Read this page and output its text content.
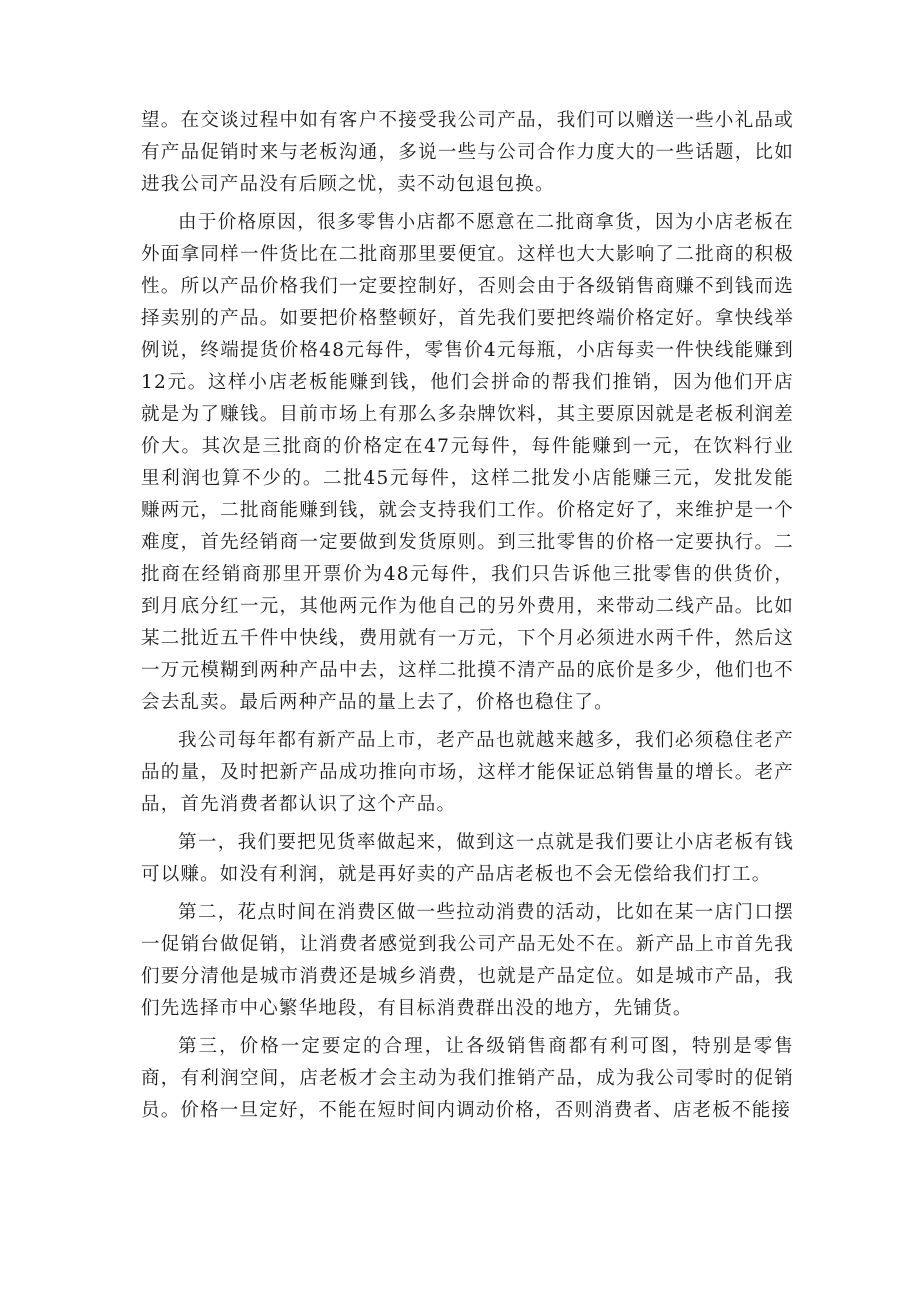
望。在交谈过程中如有客户不接受我公司产品，我们可以赠送一些小礼品或有产品促销时来与老板沟通，多说一些与公司合作力度大的一些话题，比如进我公司产品没有后顾之忧，卖不动包退包换。

由于价格原因，很多零售小店都不愿意在二批商拿货，因为小店老板在外面拿同样一件货比在二批商那里要便宜。这样也大大影响了二批商的积极性。所以产品价格我们一定要控制好，否则会由于各级销售商赚不到钱而选择卖别的产品。如要把价格整顿好，首先我们要把终端价格定好。拿快线举例说，终端提货价格48元每件，零售价4元每瓶，小店每卖一件快线能赚到12元。这样小店老板能赚到钱，他们会拼命的帮我们推销，因为他们开店就是为了赚钱。目前市场上有那么多杂牌饮料，其主要原因就是老板利润差价大。其次是三批商的价格定在47元每件，每件能赚到一元，在饮料行业里利润也算不少的。二批45元每件，这样二批发小店能赚三元，发批发能赚两元，二批商能赚到钱，就会支持我们工作。价格定好了，来维护是一个难度，首先经销商一定要做到发货原则。到三批零售的价格一定要执行。二批商在经销商那里开票价为48元每件，我们只告诉他三批零售的供货价，到月底分红一元，其他两元作为他自己的另外费用，来带动二线产品。比如某二批近五千件中快线，费用就有一万元，下个月必须进水两千件，然后这一万元模糊到两种产品中去，这样二批摸不清产品的底价是多少，他们也不会去乱卖。最后两种产品的量上去了，价格也稳住了。

我公司每年都有新产品上市，老产品也就越来越多，我们必须稳住老产品的量，及时把新产品成功推向市场，这样才能保证总销售量的增长。老产品，首先消费者都认识了这个产品。

第一，我们要把见货率做起来，做到这一点就是我们要让小店老板有钱可以赚。如没有利润，就是再好卖的产品店老板也不会无偿给我们打工。

第二，花点时间在消费区做一些拉动消费的活动，比如在某一店门口摆一促销台做促销，让消费者感觉到我公司产品无处不在。新产品上市首先我们要分清他是城市消费还是城乡消费，也就是产品定位。如是城市产品，我们先选择市中心繁华地段，有目标消费群出没的地方，先铺货。

第三，价格一定要定的合理，让各级销售商都有利可图，特别是零售商，有利润空间，店老板才会主动为我们推销产品，成为我公司零时的促销员。价格一旦定好，不能在短时间内调动价格，否则消费者、店老板不能接
